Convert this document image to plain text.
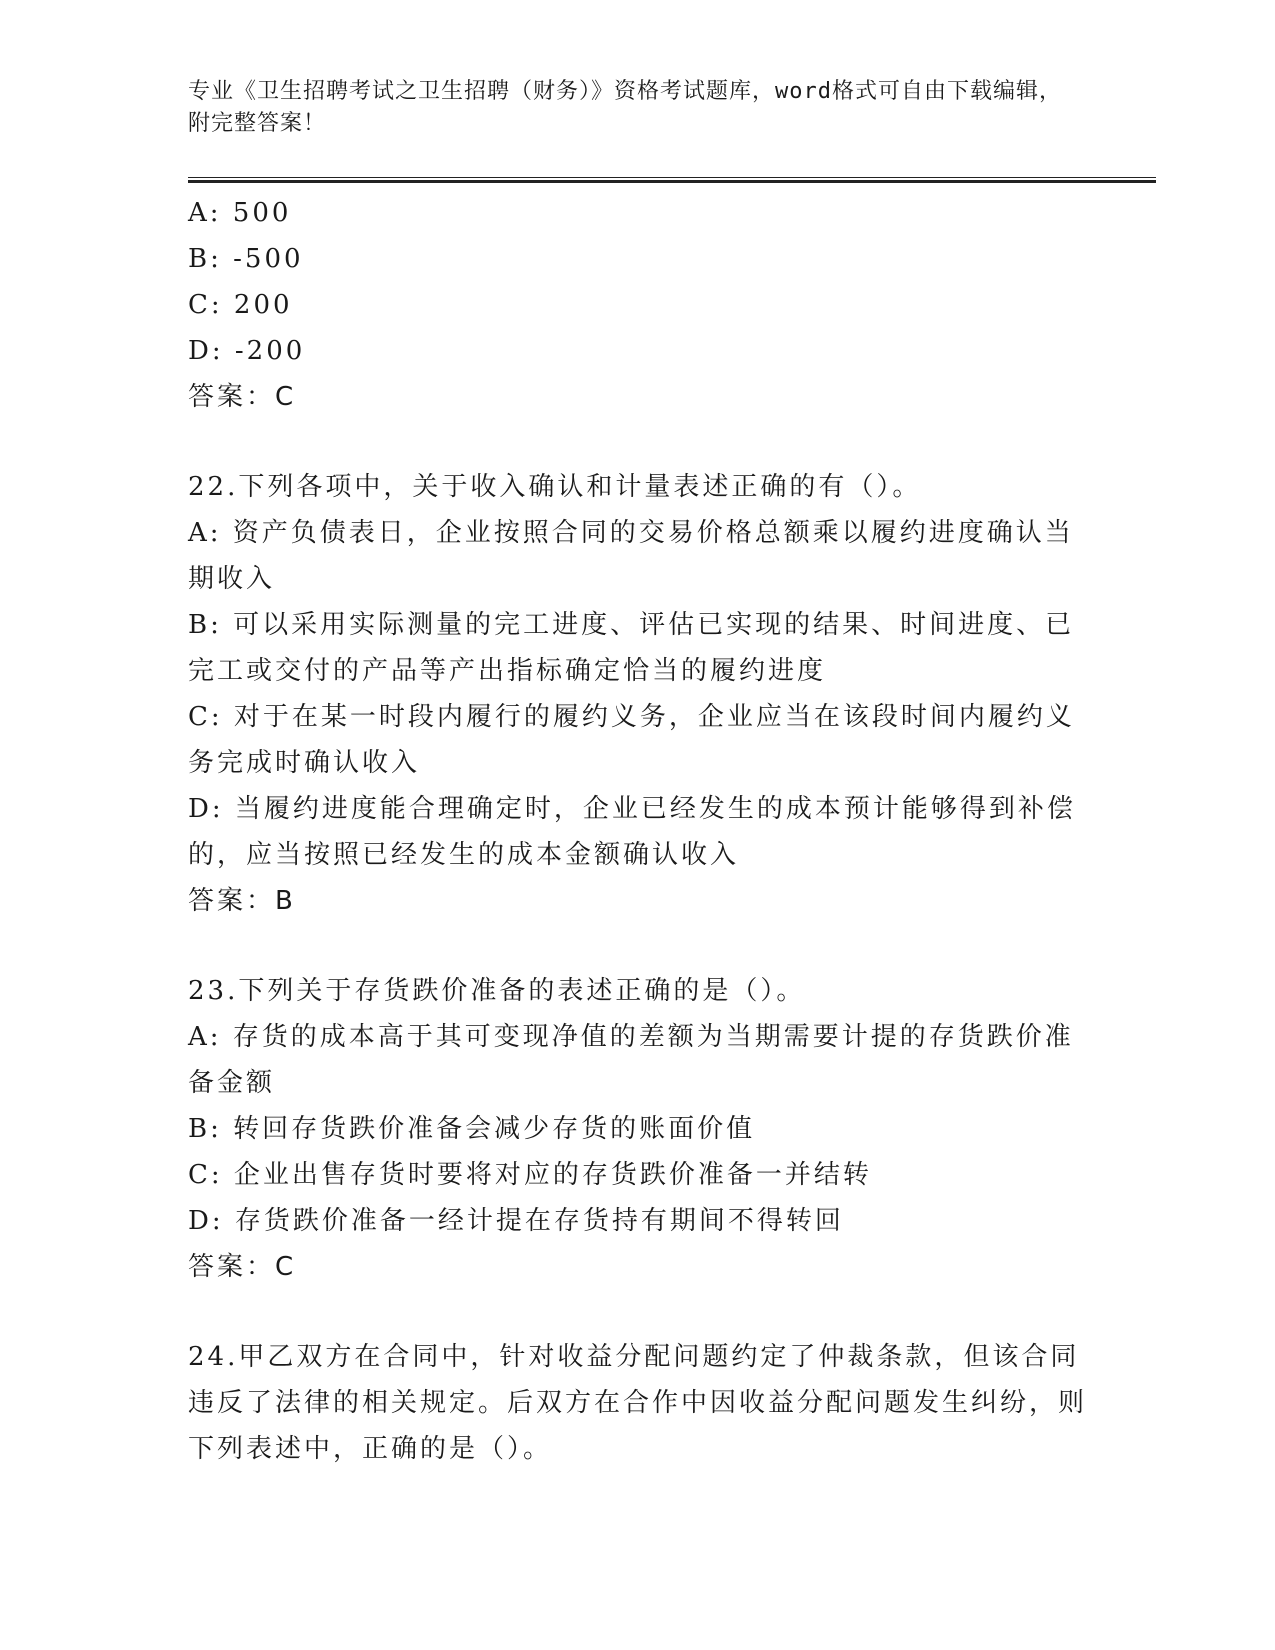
专业《卫生招聘考试之卫生招聘（财务）》资格考试题库，word格式可自由下载编辑，附完整答案！
A: 500
B: -500
C: 200
D: -200
答案：C
22.下列各项中，关于收入确认和计量表述正确的有（）。
A: 资产负债表日，企业按照合同的交易价格总额乘以履约进度确认当期收入
B: 可以采用实际测量的完工进度、评估已实现的结果、时间进度、已完工或交付的产品等产出指标确定恰当的履约进度
C: 对于在某一时段内履行的履约义务，企业应当在该段时间内履约义务完成时确认收入
D: 当履约进度能合理确定时，企业已经发生的成本预计能够得到补偿的，应当按照已经发生的成本金额确认收入
答案：B
23.下列关于存货跌价准备的表述正确的是（）。
A: 存货的成本高于其可变现净值的差额为当期需要计提的存货跌价准备金额
B: 转回存货跌价准备会减少存货的账面价值
C: 企业出售存货时要将对应的存货跌价准备一并结转
D: 存货跌价准备一经计提在存货持有期间不得转回
答案：C
24.甲乙双方在合同中，针对收益分配问题约定了仲裁条款，但该合同违反了法律的相关规定。后双方在合作中因收益分配问题发生纠纷，则下列表述中，正确的是（）。
